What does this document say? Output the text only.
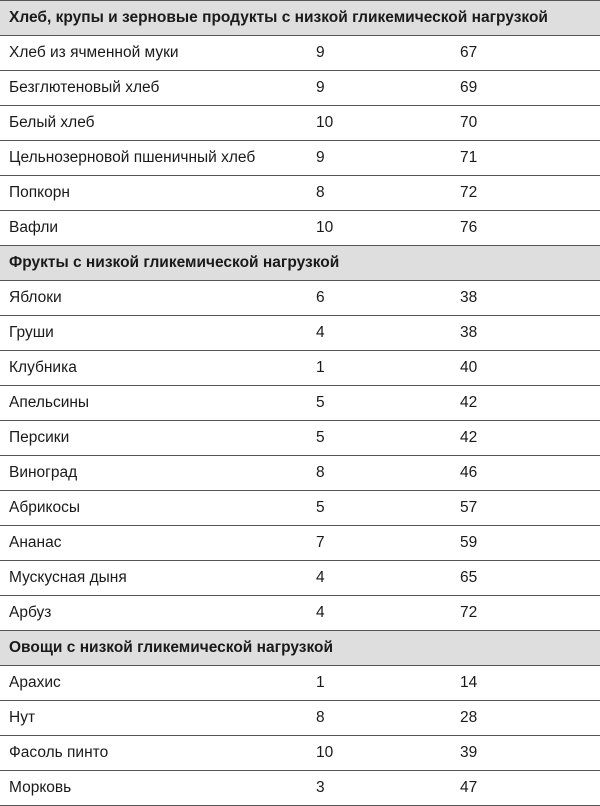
Хлеб, крупы и зерновые продукты с низкой гликемической нагрузкой
Хлеб из ячменной муки	9	67
Безглютеновый хлеб	9	69
Белый хлеб	10	70
Цельнозерновой пшеничный хлеб	9	71
Попкорн	8	72
Вафли	10	76
Фрукты с низкой гликемической нагрузкой
Яблоки	6	38
Груши	4	38
Клубника	1	40
Апельсины	5	42
Персики	5	42
Виноград	8	46
Абрикосы	5	57
Ананас	7	59
Мускусная дыня	4	65
Арбуз	4	72
Овощи с низкой гликемической нагрузкой
Арахис	1	14
Нут	8	28
Фасоль пинто	10	39
Морковь	3	47
